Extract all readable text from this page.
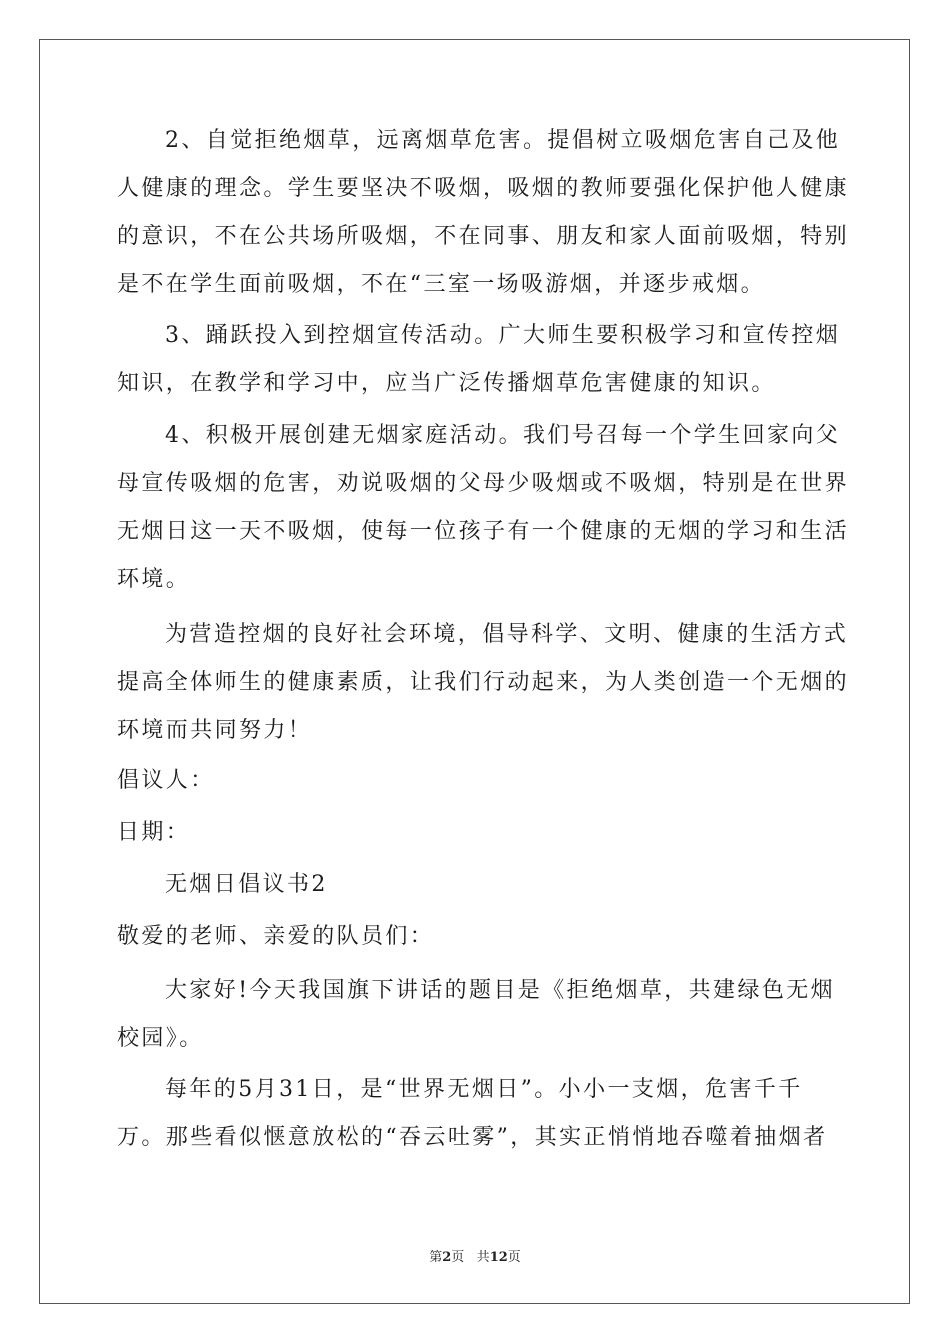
2、自觉拒绝烟草，远离烟草危害。提倡树立吸烟危害自己及他
人健康的理念。学生要坚决不吸烟，吸烟的教师要强化保护他人健康
的意识，不在公共场所吸烟，不在同事、朋友和家人面前吸烟，特别
是不在学生面前吸烟，不在“三室一场吸游烟，并逐步戒烟。
3、踊跃投入到控烟宣传活动。广大师生要积极学习和宣传控烟
知识，在教学和学习中，应当广泛传播烟草危害健康的知识。
4、积极开展创建无烟家庭活动。我们号召每一个学生回家向父
母宣传吸烟的危害，劝说吸烟的父母少吸烟或不吸烟，特别是在世界
无烟日这一天不吸烟，使每一位孩子有一个健康的无烟的学习和生活
环境。
为营造控烟的良好社会环境，倡导科学、文明、健康的生活方式
提高全体师生的健康素质，让我们行动起来，为人类创造一个无烟的
环境而共同努力！
倡议人：
日期：
无烟日倡议书2
敬爱的老师、亲爱的队员们：
大家好!今天我国旗下讲话的题目是《拒绝烟草，共建绿色无烟
校园》。
每年的5月31日，是“世界无烟日”。小小一支烟，危害千千
万。那些看似惬意放松的“吞云吐雾”，其实正悄悄地吞噬着抽烟者
第2页 共12页
